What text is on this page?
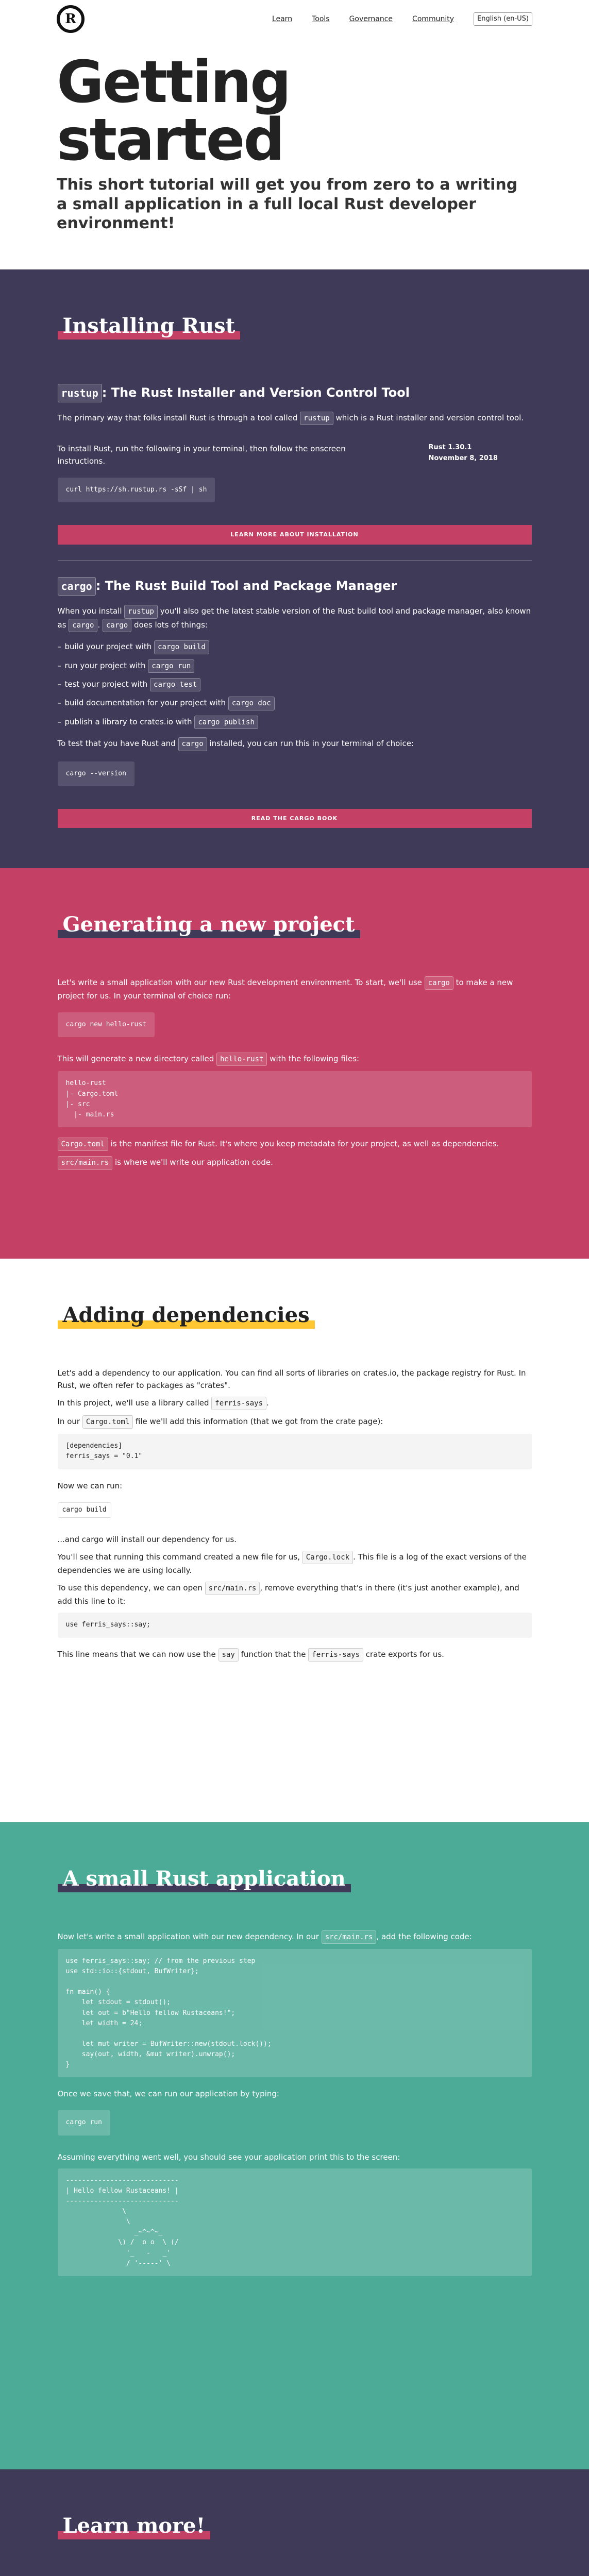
R	Learn	Tools	Governance	Community	English (en-US)
Getting started

This short tutorial will get you from zero to a writing a small application in a full local Rust developer environment!

Installing Rust
rustup : The Rust Installer and Version Control Tool

The primary way that folks install Rust is through a tool called rustup which is a Rust installer and version control tool.

To install Rust, run the following in your terminal, then follow the onscreen instructions.

curl https://sh.rustup.rs -sSf | sh
Rust 1.30.1
November 8, 2018
LEARN MORE ABOUT INSTALLATION
cargo : The Rust Build Tool and Package Manager

When you install rustup you'll also get the latest stable version of the Rust build tool and package manager, also known as cargo . cargo does lots of things:

– build your project with cargo build
– run your project with cargo run
– test your project with cargo test
– build documentation for your project with cargo doc
– publish a library to crates.io with cargo publish

To test that you have Rust and cargo installed, you can run this in your terminal of choice:

cargo --version
READ THE CARGO BOOK
Generating a new project

Let's write a small application with our new Rust development environment. To start, we'll use cargo to make a new project for us. In your terminal of choice run:

cargo new hello-rust

This will generate a new directory called hello-rust with the following files:

hello-rust
|- Cargo.toml
|- src
|- main.rs

Cargo.toml is the manifest file for Rust. It's where you keep metadata for your project, as well as dependencies.

src/main.rs is where we'll write our application code.

Adding dependencies

Let's add a dependency to our application. You can find all sorts of libraries on crates.io, the package registry for Rust. In Rust, we often refer to packages as "crates".

In this project, we'll use a library called ferris-says .

In our Cargo.toml file we'll add this information (that we got from the crate page):

[dependencies]
ferris_says = "0.1"

Now we can run:

cargo build

...and cargo will install our dependency for us.

You'll see that running this command created a new file for us, Cargo.lock . This file is a log of the exact versions of the dependencies we are using locally.

To use this dependency, we can open src/main.rs , remove everything that's in there (it's just another example), and add this line to it:

use ferris_says::say;

This line means that we can now use the say function that the ferris-says crate exports for us.

A small Rust application

Now let's write a small application with our new dependency. In our src/main.rs , add the following code:

use ferris_says::say; // from the previous step
use std::io::{stdout, BufWriter};

fn main() {
let stdout = stdout();
let out = b"Hello fellow Rustaceans!";
let width = 24;

let mut writer = BufWriter::new(stdout.lock());
say(out, width, &mut writer).unwrap();
}

Once we save that, we can run our application by typing:

cargo run

Assuming everything went well, you should see your application print this to the screen:

----------------------------
| Hello fellow Rustaceans! |
----------------------------
\
\
_~^~^~_
\) /  o o  \ (/
'_   -   _'
/ '-----' \
Learn more!
